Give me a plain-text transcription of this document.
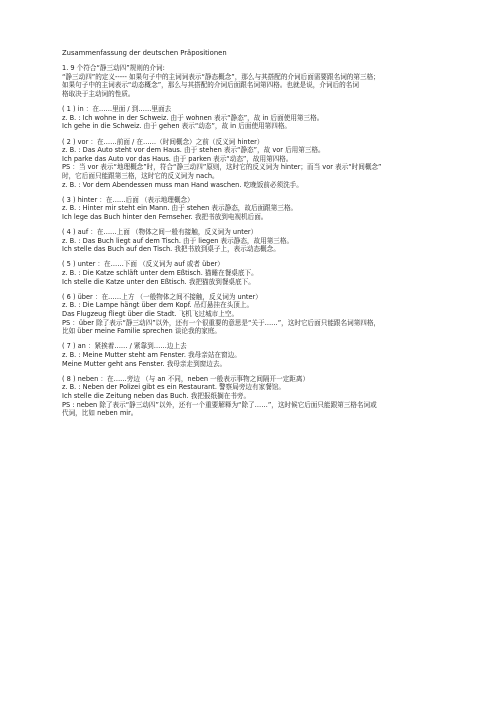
Zusammenfassung der deutschen Präpositionen
1. 9 个符合“静三动四”规则的介词:
“静三动四”的定义----- 如果句子中的主词词表示“静态概念”，那么与其搭配的介词后面需要跟名词的第三格；
如果句子中的主词表示“动态概念”，那么与其搭配的介词后面跟名词第四格。也就是说，介词后的名词
格取决于主动词的性质。
( 1 ) in ：在……里面 / 到……里面去
z. B. : Ich wohne in der Schweiz. 由于 wohnen 表示“静态”，故 in 后面使用第三格。
Ich gehe in die Schweiz. 由于 gehen 表示“动态”，故 in 后面使用第四格。
( 2 ) vor ：在……前面 / 在……（时间概念）之前（反义词 hinter）
z. B. : Das Auto steht vor dem Haus. 由于 stehen 表示“静态”，故 vor 后用第三格。
Ich parke das Auto vor das Haus. 由于 parken 表示“动态”，故用第四格。
PS ：当 vor 表示“地理概念”时，符合“静三动四”原则，这时它的反义词为 hinter；而当 vor 表示“时间概念”
时，它后面只能跟第三格，这时它的反义词为 nach。
z. B. : Vor dem Abendessen muss man Hand waschen. 吃晚饭前必须洗手。
( 3 ) hinter ：在……后面 （表示地理概念）
z. B. : Hinter mir steht ein Mann. 由于 stehen 表示静态，故后面跟第三格。
Ich lege das Buch hinter den Fernseher. 我把书放到电视机后面。
( 4 ) auf ：在……上面 （物体之间一般有接触，反义词为 unter）
z. B. : Das Buch liegt auf dem Tisch. 由于 liegen 表示静态，故用第三格。
Ich stelle das Buch auf den Tisch. 我把书放到桌子上，表示动态概念。
( 5 ) unter ：在……下面 （反义词为 auf 或者 über）
z. B. : Die Katze schläft unter dem Eßtisch. 猫睡在餐桌底下。
Ich stelle die Katze unter den Eßtisch. 我把猫放到餐桌底下。
( 6 ) über ：在……上方 （一般物体之间不接触，反义词为 unter）
z. B. : Die Lampe hängt über dem Kopf. 吊灯悬挂在头顶上。
Das Flugzeug fliegt über die Stadt. 飞机飞过城市上空。
PS ：über 除了表示“静三动四”以外，还有一个很重要的意思是“关于……”，这时它后面只能跟名词第四格，
比如 über meine Familie sprechen 谈论我的家庭。
( 7 ) an ：紧挨着…… / 紧靠到……边上去
z. B. : Meine Mutter steht am Fenster. 我母亲站在窗边。
Meine Mutter geht ans Fenster. 我母亲走到窗边去。
( 8 ) neben ：在……旁边 （与 an 不同，neben 一般表示事物之间隔开一定距离）
z. B. : Neben der Polizei gibt es ein Restaurant. 警察局旁边有家餐馆。
Ich stelle die Zeitung neben das Buch. 我把报纸搁在书旁。
PS : neben 除了表示“静三动四”以外，还有一个重要解释为“除了……”，这时候它后面只能跟第三格名词或
代词，比如 neben mir。
